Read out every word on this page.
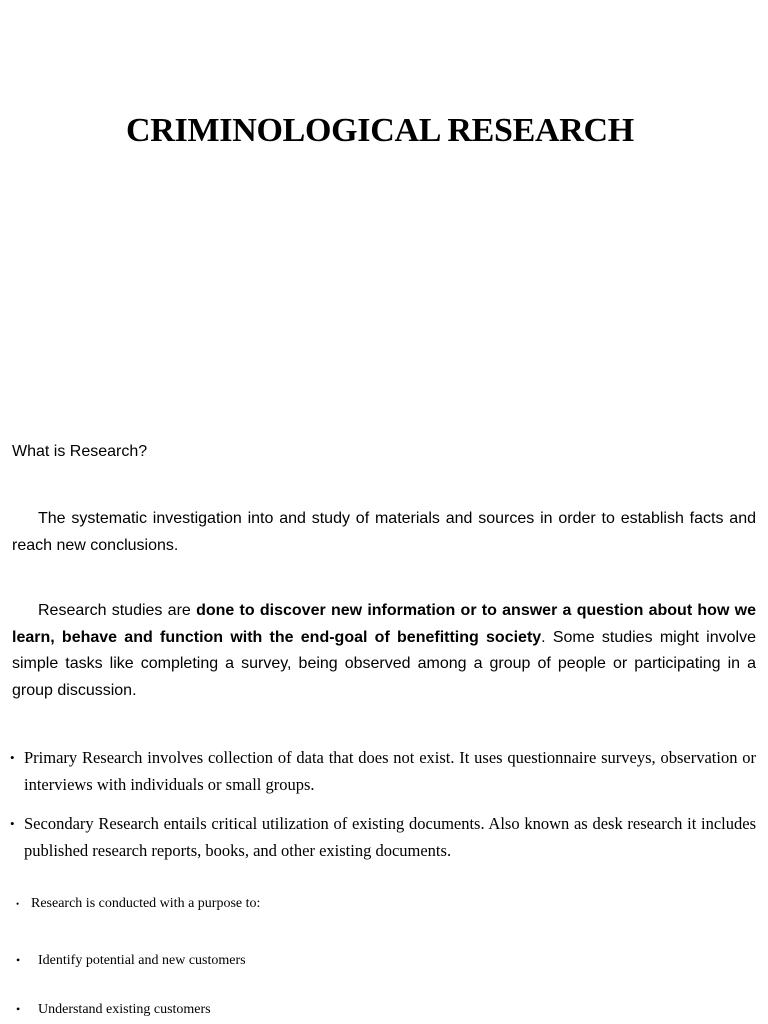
CRIMINOLOGICAL RESEARCH

What is Research?

The systematic investigation into and study of materials and sources in order to establish facts and reach new conclusions.

Research studies are done to discover new information or to answer a question about how we learn, behave and function with the end-goal of benefitting society. Some studies might involve simple tasks like completing a survey, being observed among a group of people or participating in a group discussion.

• Primary Research involves collection of data that does not exist. It uses questionnaire surveys, observation or interviews with individuals or small groups.
• Secondary Research entails critical utilization of existing documents. Also known as desk research it includes published research reports, books, and other existing documents.

• Research is conducted with a purpose to:

• Identify potential and new customers

• Understand existing customers
